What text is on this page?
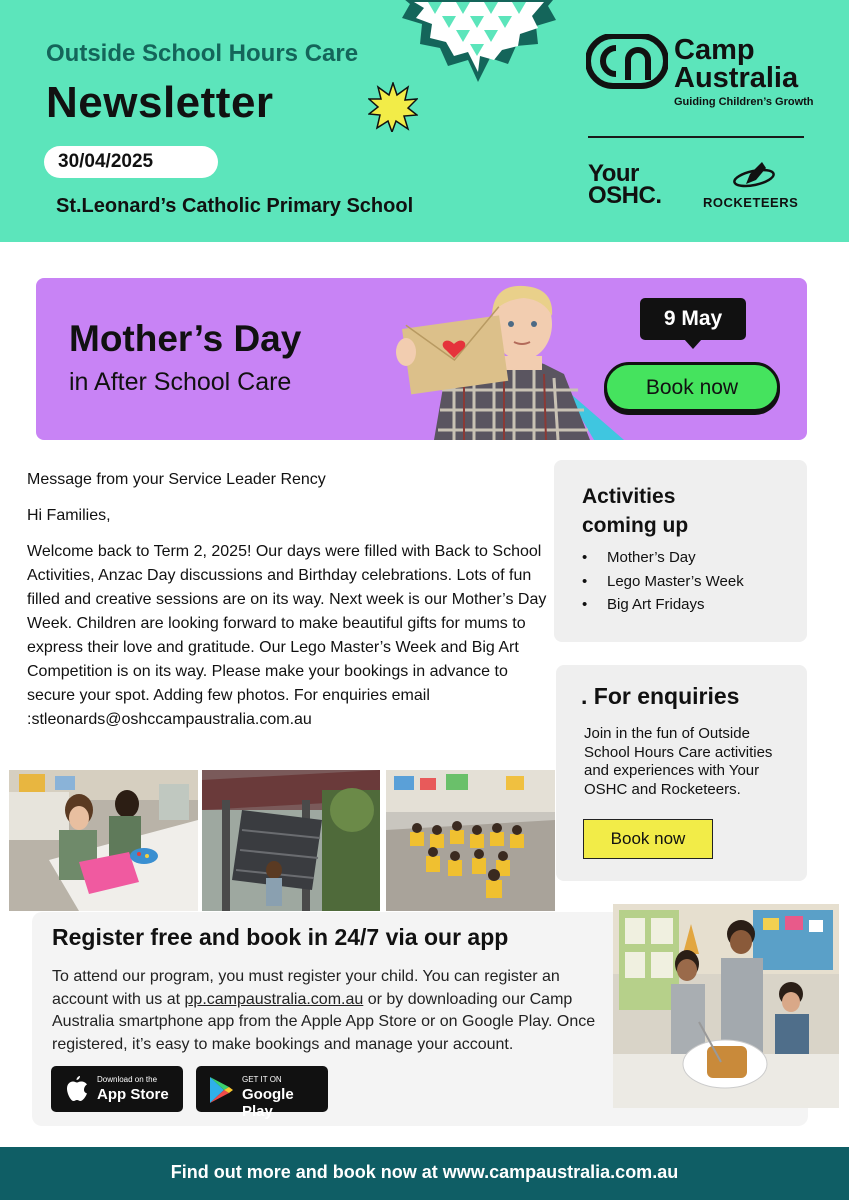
Outside School Hours Care
Newsletter
30/04/2025
St.Leonard’s Catholic Primary School
Camp
Australia
Guiding Children’s Growth
Your
OSHC.	ROCKETEERS
Mother’s Day
in After School Care
9 May
Book now

Message from your Service Leader Rency

Hi Families,

Welcome back to Term 2, 2025! Our days were filled with Back to School Activities, Anzac Day discussions and Birthday celebrations. Lots of fun filled and creative sessions are on its way. Next week is our Mother’s Day Week. Children are looking forward to make beautiful gifts for mums to express their love and gratitude. Our Lego Master’s Week and Big Art Competition is on its way. Please make your bookings in advance to secure your spot. Adding few photos. For enquiries email :stleonards@oshccampaustralia.com.au

Activities
coming up
• Mother’s Day
• Lego Master’s Week
• Big Art Fridays
. For enquiries
Join in the fun of Outside School Hours Care activities and experiences with Your OSHC and Rocketeers.
Book now
Register free and book in 24/7 via our app
To attend our program, you must register your child. You can register an account with us at pp.campaustralia.com.au or by downloading our Camp Australia smartphone app from the Apple App Store or on Google Play. Once registered, it’s easy to make bookings and manage your account.
Download on the
App Store
GET IT ON
Google Play
Find out more and book now at www.campaustralia.com.au
